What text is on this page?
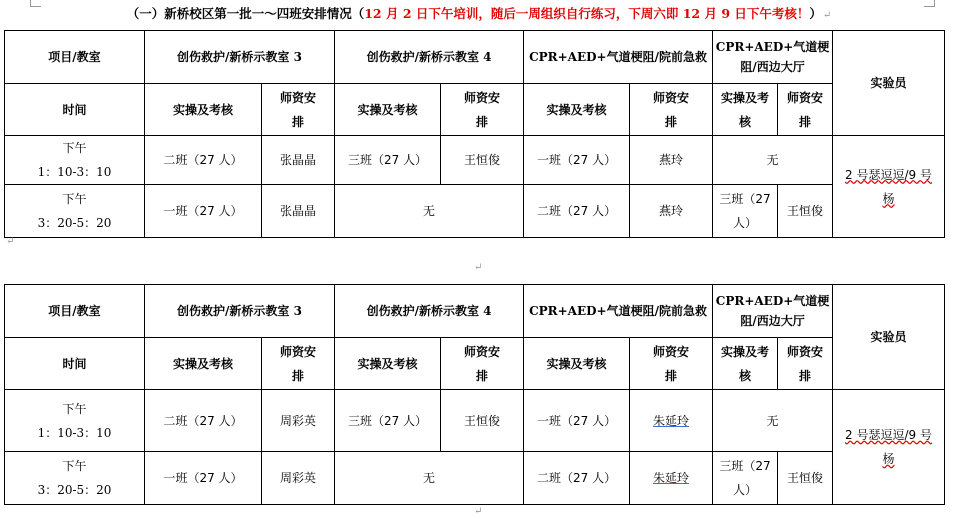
（一）新桥校区第一批一～四班安排情况（12 月 2 日下午培训，随后一周组织自行练习，下周六即 12 月 9 日下午考核！）↵
项目/教室	创伤救护/新桥示教室 3		创伤救护/新桥示教室 4		CPR+AED+气道梗阻/院前急救		CPR+AED+气道梗阻/西边大厅		实验员
时间	实操及考核	师资安排	实操及考核	师资安排	实操及考核	师资安排	实操及考核	师资安排	
下午
1：10-3：10	二班（27 人）	张晶晶	三班（27 人）	王恒俊	一班（27 人）	燕玲	无		2 号瑟逗逗/9 号杨
下午
3：20-5：20	一班（27 人）	张晶晶	无		二班（27 人）	燕玲	三班（27 人）	王恒俊	
↵
↵
项目/教室	创伤救护/新桥示教室 3		创伤救护/新桥示教室 4		CPR+AED+气道梗阻/院前急救		CPR+AED+气道梗阻/西边大厅		实验员
时间	实操及考核	师资安排	实操及考核	师资安排	实操及考核	师资安排	实操及考核	师资安排	
下午
1：10-3：10	二班（27 人）	周彩英	三班（27 人）	王恒俊	一班（27 人）	朱延玲	无		2 号瑟逗逗/9 号杨
下午
3：20-5：20	一班（27 人）	周彩英	无		二班（27 人）	朱延玲	三班（27 人）	王恒俊	
↵
